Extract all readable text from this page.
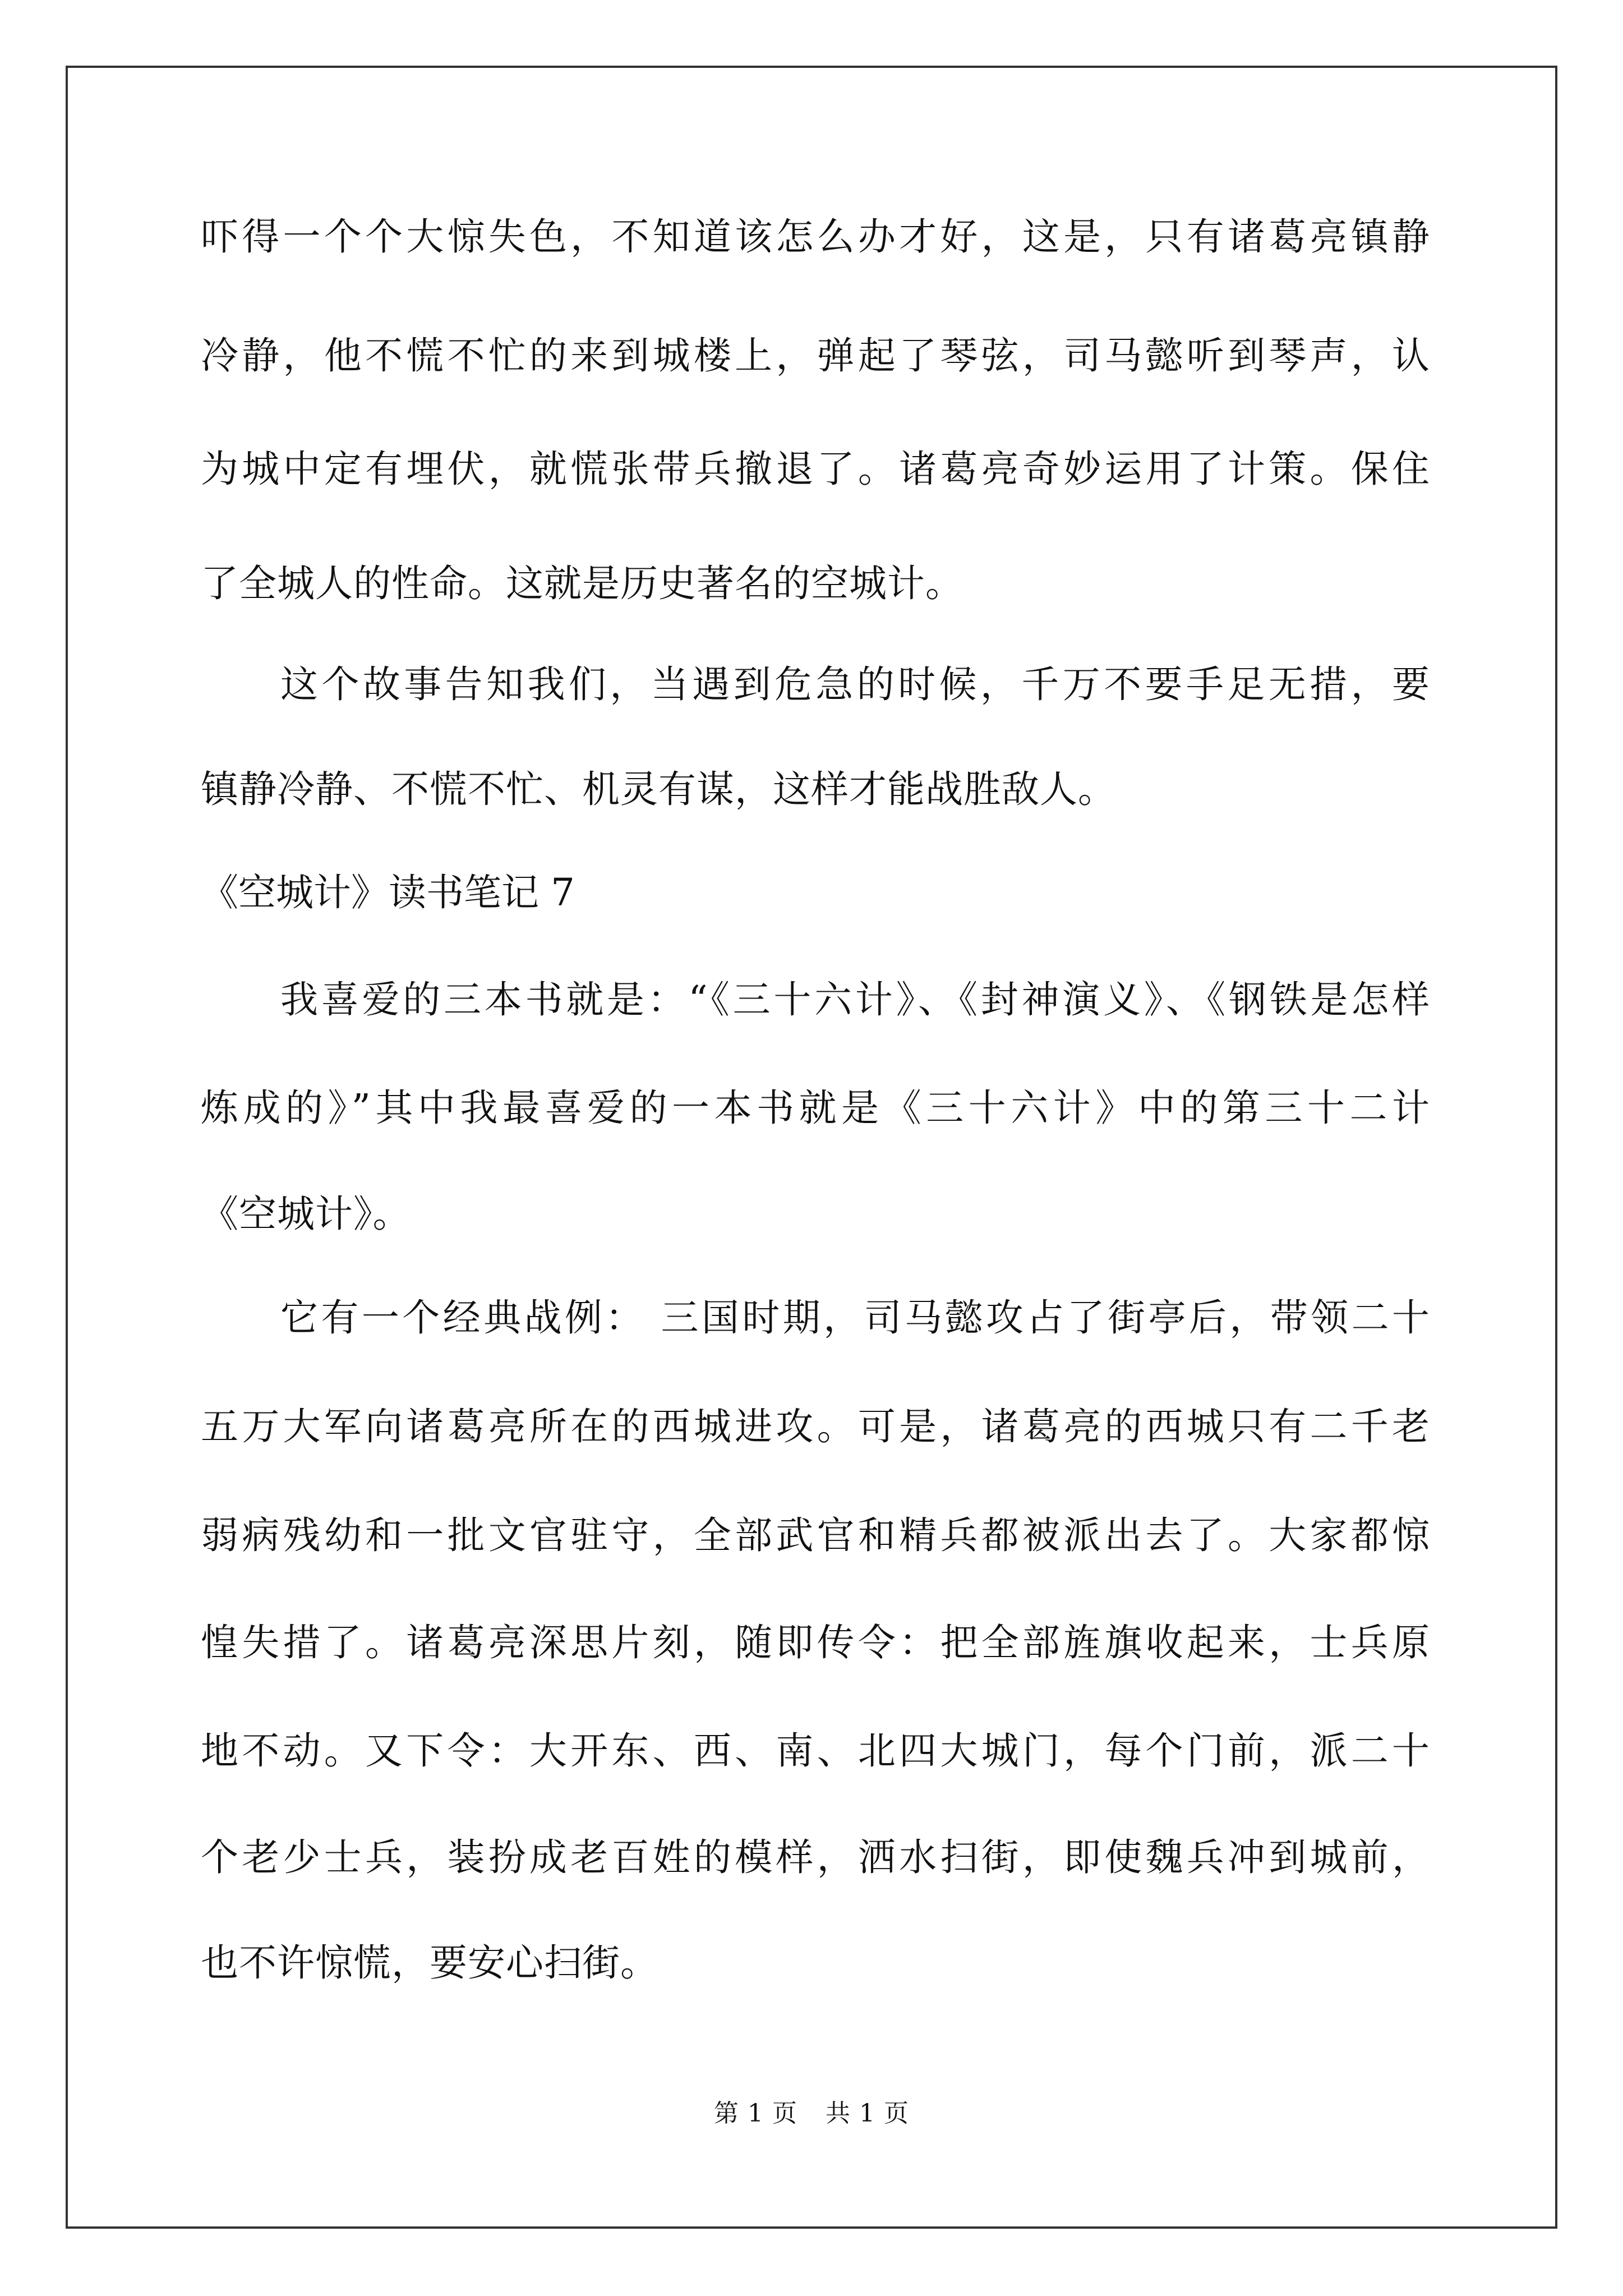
吓得一个个大惊失色，不知道该怎么办才好，这是，只有诸葛亮镇静
冷静，他不慌不忙的来到城楼上，弹起了琴弦，司马懿听到琴声，认
为城中定有埋伏，就慌张带兵撤退了。诸葛亮奇妙运用了计策。保住
了全城人的性命。这就是历史著名的空城计。
这个故事告知我们，当遇到危急的时候，千万不要手足无措，要
镇静冷静、不慌不忙、机灵有谋，这样才能战胜敌人。
《空城计》读书笔记 7
我喜爱的三本书就是：“《三十六计》、《封神演义》、《钢铁是怎样
炼成的》”其中我最喜爱的一本书就是《三十六计》中的第三十二计
《空城计》。
它有一个经典战例： 三国时期，司马懿攻占了街亭后，带领二十
五万大军向诸葛亮所在的西城进攻。可是，诸葛亮的西城只有二千老
弱病残幼和一批文官驻守，全部武官和精兵都被派出去了。大家都惊
惶失措了。诸葛亮深思片刻，随即传令：把全部旌旗收起来，士兵原
地不动。又下令：大开东、西、南、北四大城门，每个门前，派二十
个老少士兵，装扮成老百姓的模样，洒水扫街，即使魏兵冲到城前，
也不许惊慌，要安心扫街。
第 1 页 共 1 页
